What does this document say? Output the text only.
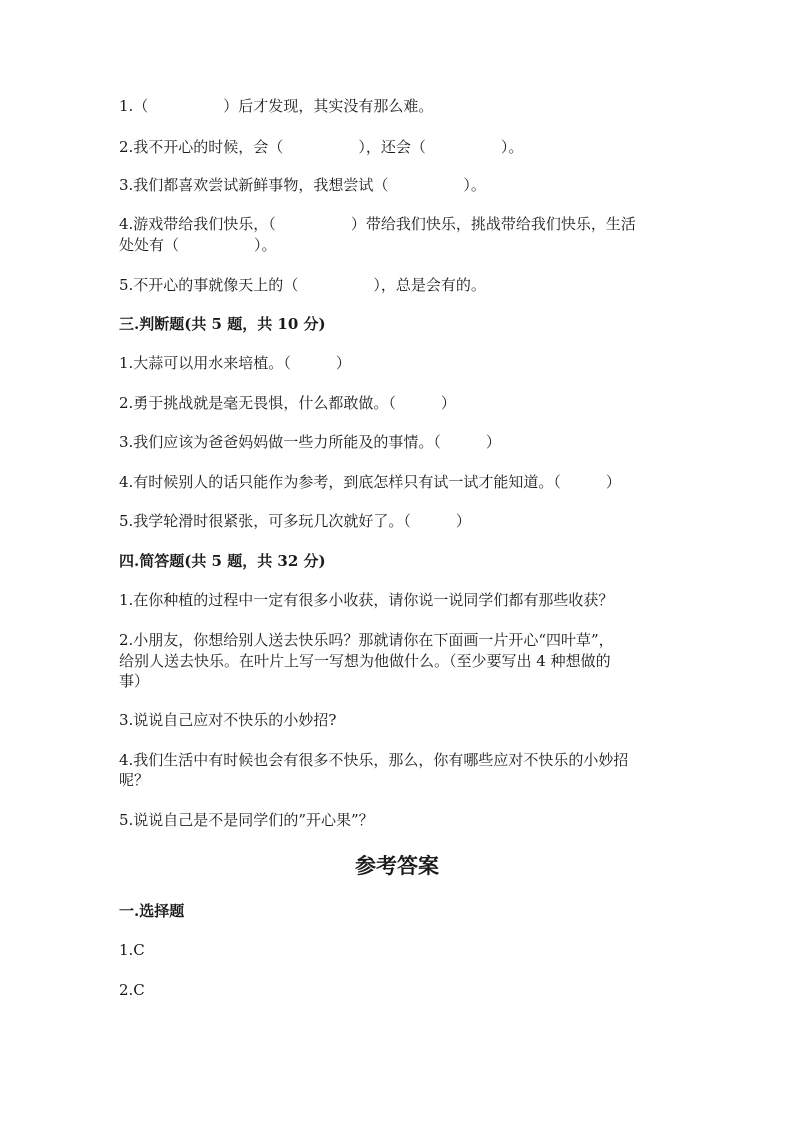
1.（　　　　　）后才发现，其实没有那么难。

2.我不开心的时候，会（　　　　　），还会（　　　　　）。

3.我们都喜欢尝试新鲜事物，我想尝试（　　　　　）。

4.游戏带给我们快乐，（　　　　　）带给我们快乐，挑战带给我们快乐，生活

处处有（　　　　　）。

5.不开心的事就像天上的（　　　　　），总是会有的。

三.判断题(共 5 题，共 10 分)

1.大蒜可以用水来培植。（　　　）

2.勇于挑战就是毫无畏惧，什么都敢做。（　　　）

3.我们应该为爸爸妈妈做一些力所能及的事情。（　　　）

4.有时候别人的话只能作为参考，到底怎样只有试一试才能知道。（　　　）

5.我学轮滑时很紧张，可多玩几次就好了。（　　　）

四.简答题(共 5 题，共 32 分)

1.在你种植的过程中一定有很多小收获，请你说一说同学们都有那些收获？

2.小朋友，你想给别人送去快乐吗？那就请你在下面画一片开心“四叶草”，

给别人送去快乐。在叶片上写一写想为他做什么。（至少要写出 4 种想做的

事）

3.说说自己应对不快乐的小妙招?

4.我们生活中有时候也会有很多不快乐，那么，你有哪些应对不快乐的小妙招

呢？

5.说说自己是不是同学们的”开心果”？

参考答案

一.选择题

1.C

2.C
